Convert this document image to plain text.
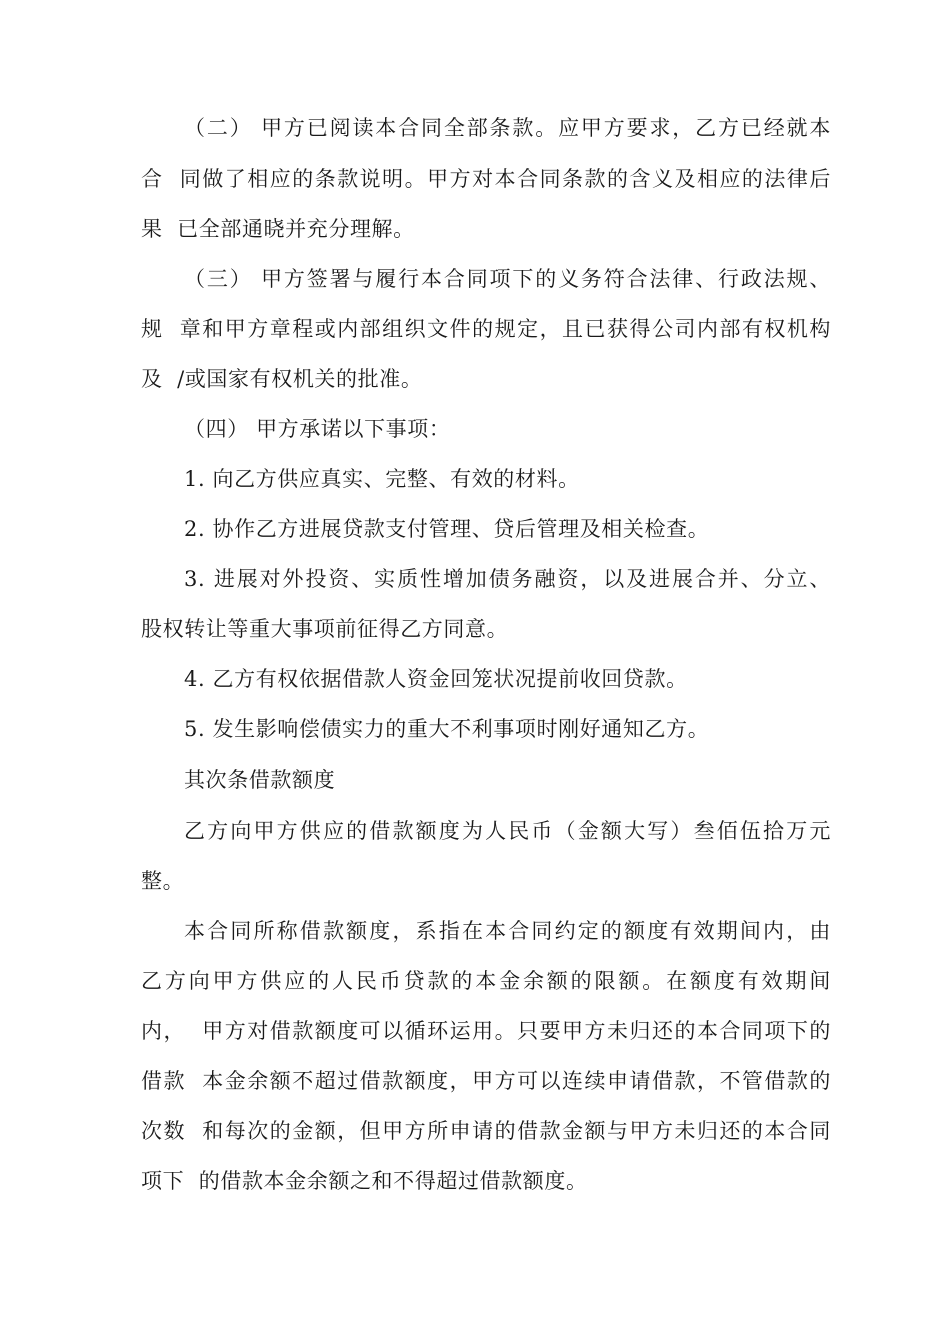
（二） 甲方已阅读本合同全部条款。应甲方要求，乙方已经就本
合  同做了相应的条款说明。甲方对本合同条款的含义及相应的法律后
果  已全部通晓并充分理解。
（三） 甲方签署与履行本合同项下的义务符合法律、行政法规、
规  章和甲方章程或内部组织文件的规定，且已获得公司内部有权机构
及  /或国家有权机关的批准。
（四） 甲方承诺以下事项：
1. 向乙方供应真实、完整、有效的材料。
2. 协作乙方进展贷款支付管理、贷后管理及相关检查。
3. 进展对外投资、实质性增加债务融资，以及进展合并、分立、
股权转让等重大事项前征得乙方同意。
4. 乙方有权依据借款人资金回笼状况提前收回贷款。
5. 发生影响偿债实力的重大不利事项时刚好通知乙方。
其次条借款额度
乙方向甲方供应的借款额度为人民币（金额大写）叁佰伍拾万元
整。
本合同所称借款额度，系指在本合同约定的额度有效期间内，由
乙方向甲方供应的人民币贷款的本金余额的限额。在额度有效期间
内，  甲方对借款额度可以循环运用。只要甲方未归还的本合同项下的
借款  本金余额不超过借款额度，甲方可以连续申请借款，不管借款的
次数  和每次的金额，但甲方所申请的借款金额与甲方未归还的本合同
项下  的借款本金余额之和不得超过借款额度。
